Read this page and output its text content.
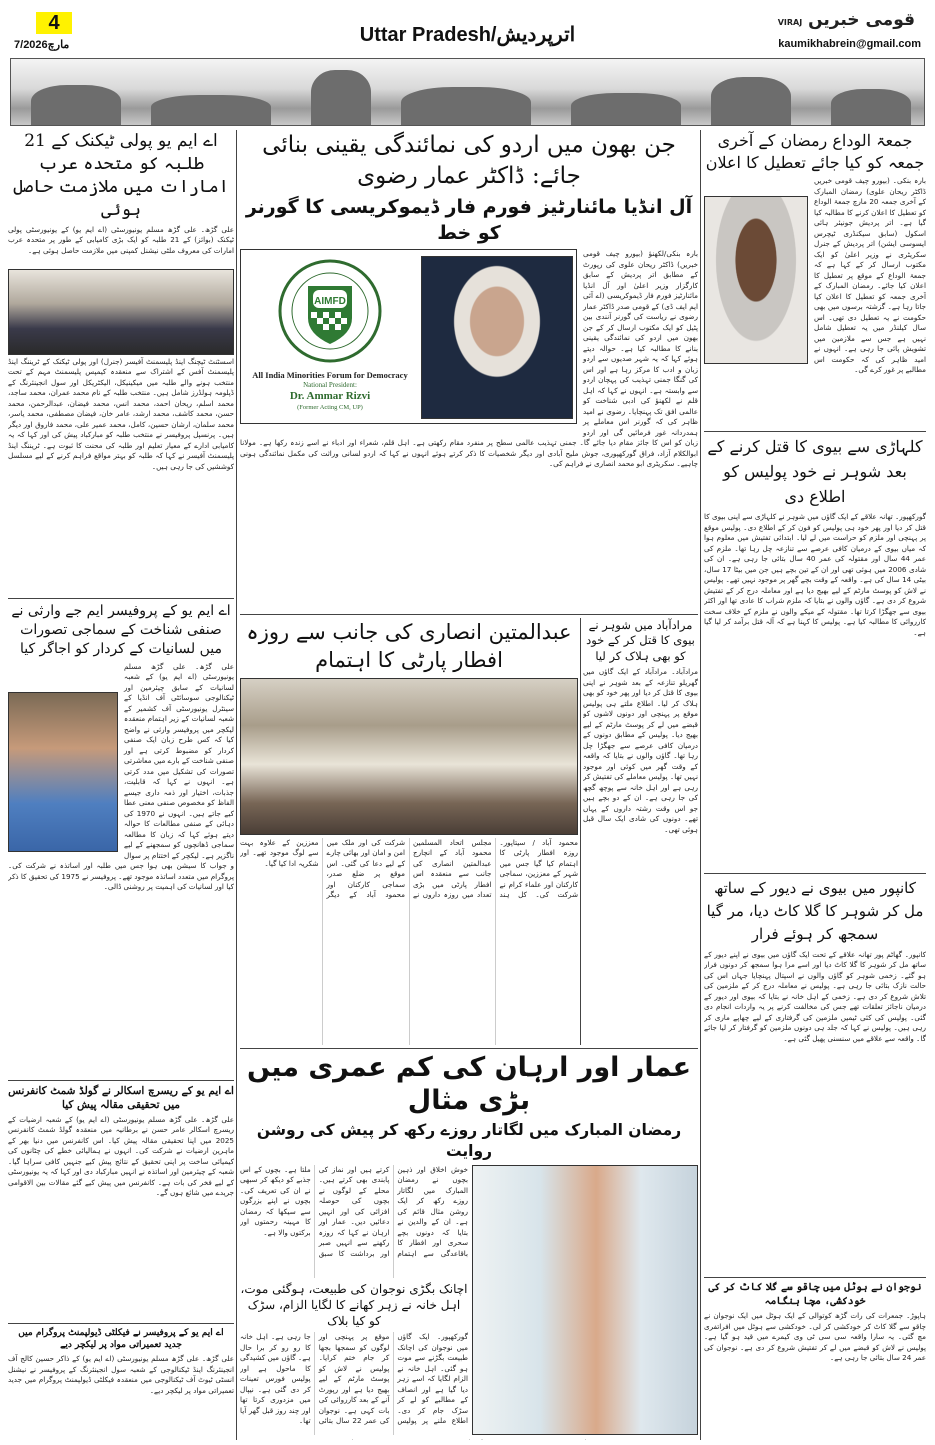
4
7/مارچ2026	Uttar Pradesh/اترپردیش
قومی خبریں VIRAJ
kaumikhabrein@gmail.com
اے ایم یو پولی ٹیکنک کے 21 طلبہ کو متحدہ عرب امارات میں ملازمت حاصل ہوئی
علی گڑھ۔ علی گڑھ مسلم یونیورسٹی (اے ایم یو) کے یونیورسٹی پولی ٹیکنک (بوائز) کے 21 طلبہ کو ایک بڑی کامیابی کے طور پر متحدہ عرب امارات کی معروف ملٹی نیشنل کمپنی میں ملازمت حاصل ہوئی ہے۔
اسسٹنٹ ٹیچنگ اینڈ پلیسمنٹ آفیسر (جنرل) اور پولی ٹیکنک کے ٹریننگ اینڈ پلیسمنٹ آفس کے اشتراک سے منعقدہ کیمپس پلیسمنٹ مہم کے تحت منتخب ہونے والے طلبہ میں میکینیکل، الیکٹریکل اور سول انجینئرنگ کے ڈپلومہ ہولڈرز شامل ہیں۔ منتخب طلبہ کے نام محمد عمران، محمد ساجد، محمد اسلم، ریحان احمد، محمد انس، محمد فیضان، عبدالرحمن، محمد حسن، محمد کاشف، محمد ارشد، عامر خان، فیضان مصطفی، محمد یاسر، محمد سلمان، ارشان حسین، کامل، محمد عمیر علی، محمد فاروق اور دیگر ہیں۔ پرنسپل پروفیسر نے منتخب طلبہ کو مبارکباد پیش کی اور کہا کہ یہ کامیابی ادارے کے معیار تعلیم اور طلبہ کی محنت کا ثبوت ہے۔ ٹریننگ اینڈ پلیسمنٹ آفیسر نے کہا کہ طلبہ کو بہتر مواقع فراہم کرنے کے لیے مسلسل کوششیں کی جا رہی ہیں۔
اے ایم یو کے پروفیسر ایم جے وارثی نے صنفی شناخت کے سماجی تصورات میں لسانیات کے کردار کو اجاگر کیا
علی گڑھ۔ علی گڑھ مسلم یونیورسٹی (اے ایم یو) کے شعبہ لسانیات کے سابق چیئرمین اور ٹیکنالوجی سوسائٹی آف انڈیا کے سینٹرل یونیورسٹی آف کشمیر کے شعبہ لسانیات کے زیر اہتمام منعقدہ لیکچر میں پروفیسر وارثی نے واضح کیا کہ کس طرح زبان ایک صنفی کردار کو مضبوط کرتی ہے اور صنفی شناخت کے بارے میں معاشرتی تصورات کی تشکیل میں مدد کرتی ہے۔ انہوں نے کہا کہ قابلیت، جذبات، اختیار اور ذمہ داری جیسے الفاظ کو مخصوص صنفی معنی عطا کیے جاتے ہیں۔ انہوں نے 1970 کی دہائی کے صنفی مطالعات کا حوالہ دیتے ہوئے کہا کہ زبان کا مطالعہ سماجی ڈھانچوں کو سمجھنے کے لیے ناگزیر ہے۔ لیکچر کے اختتام پر سوال و جواب کا سیشن بھی ہوا جس میں طلبہ اور اساتذہ نے شرکت کی۔ پروگرام میں متعدد اساتذہ موجود تھے۔ پروفیسر نے 1975 کی تحقیق کا ذکر کیا اور لسانیات کی اہمیت پر روشنی ڈالی۔
اے ایم یو کے ریسرچ اسکالر نے گولڈ شمٹ کانفرنس میں تحقیقی مقالہ پیش کیا
علی گڑھ۔ علی گڑھ مسلم یونیورسٹی (اے ایم یو) کے شعبہ ارضیات کے ریسرچ اسکالر عامر حسن نے برطانیہ میں منعقدہ گولڈ شمٹ کانفرنس 2025 میں اپنا تحقیقی مقالہ پیش کیا۔ اس کانفرنس میں دنیا بھر کے ماہرین ارضیات نے شرکت کی۔ انہوں نے ہمالیائی خطے کی چٹانوں کی کیمیائی ساخت پر اپنی تحقیق کے نتائج پیش کیے جنہیں کافی سراہا گیا۔ شعبہ کے چیئرمین اور اساتذہ نے انہیں مبارکباد دی اور کہا کہ یہ یونیورسٹی کے لیے فخر کی بات ہے۔ کانفرنس میں پیش کیے گئے مقالات بین الاقوامی جریدے میں شائع ہوں گے۔
اے ایم یو کے پروفیسر نے فیکلٹی ڈیولپمنٹ پروگرام میں جدید تعمیراتی مواد پر لیکچر دیے
علی گڑھ۔ علی گڑھ مسلم یونیورسٹی (اے ایم یو) کے ذاکر حسین کالج آف انجینئرنگ اینڈ ٹیکنالوجی کے شعبہ سول انجینئرنگ کے پروفیسر نے نیشنل انسٹی ٹیوٹ آف ٹیکنالوجی میں منعقدہ فیکلٹی ڈیولپمنٹ پروگرام میں جدید تعمیراتی مواد پر لیکچر دیے۔
جن بھون میں اردو کی نمائندگی یقینی بنائی جائے: ڈاکٹر عمار رضوی
آل انڈیا مائنارٹیز فورم فار ڈیموکریسی کا گورنر کو خط
AIMFD
All India Minorities Forum for Democracy
National President:
Dr. Ammar Rizvi
(Former Acting CM, UP)
بارہ بنکی/لکھنؤ (بیورو چیف قومی خبریں) ڈاکٹر ریحان علوی کی رپورٹ کے مطابق اتر پردیش کے سابق کارگزار وزیر اعلیٰ اور آل انڈیا مائنارٹیز فورم فار ڈیموکریسی (اے آئی ایم ایف ڈی) کے قومی صدر ڈاکٹر عمار رضوی نے ریاست کی گورنر آنندی بین پٹیل کو ایک مکتوب ارسال کر کے جن بھون میں اردو کی نمائندگی یقینی بنانے کا مطالبہ کیا ہے۔ حوالہ دیتے ہوئے کہا کہ یہ شہر صدیوں سے اردو زبان و ادب کا مرکز رہا ہے اور اس کی گنگا جمنی تہذیب کی پہچان اردو سے وابستہ ہے۔ انہوں نے کہا کہ اہل قلم نے لکھنؤ کی ادبی شناخت کو عالمی افق تک پہنچایا۔ رضوی نے امید ظاہر کی کہ گورنر اس معاملے پر ہمدردانہ غور فرمائیں گی اور اردو زبان کو اس کا جائز مقام دیا جائے گا۔ جمنی تہذیب عالمی سطح پر منفرد مقام رکھتی ہے۔ اہل قلم، شعراء اور ادباء نے اسے زندہ رکھا ہے۔ مولانا ابوالکلام آزاد، فراق گورکھپوری، جوش ملیح آبادی اور دیگر شخصیات کا ذکر کرتے ہوئے انہوں نے کہا کہ اردو لسانی وراثت کی مکمل نمائندگی ہونی چاہیے۔ سکریٹری ابو محمد انصاری نے فراہم کی۔
عبدالمتین انصاری کی جانب سے روزہ افطار پارٹی کا اہتمام
محمود آباد / سیتاپور۔ روزہ افطار پارٹی کا اہتمام کیا گیا جس میں شہر کے معززین، سماجی کارکنان اور علماء کرام نے شرکت کی۔ کل ہند مجلس اتحاد المسلمین محمود آباد کے انچارج عبدالمتین انصاری کی جانب سے منعقدہ اس افطار پارٹی میں بڑی تعداد میں روزہ داروں نے شرکت کی اور ملک میں امن و امان اور بھائی چارے کے لیے دعا کی گئی۔ اس موقع پر ضلع صدر، سماجی کارکنان اور محمود آباد کے دیگر معززین کے علاوہ بہت سے لوگ موجود تھے۔ اور شکریہ ادا کیا گیا۔
مرادآباد میں شوہر نے بیوی کا قتل کر کے خود کو بھی ہلاک کر لیا
مرادآباد۔ مرادآباد کے ایک گاؤں میں گھریلو تنازعہ کے بعد شوہر نے اپنی بیوی کا قتل کر دیا اور پھر خود کو بھی ہلاک کر لیا۔ اطلاع ملتے ہی پولیس موقع پر پہنچی اور دونوں لاشوں کو قبضے میں لے کر پوسٹ مارٹم کے لیے بھیج دیا۔ پولیس کے مطابق دونوں کے درمیان کافی عرصے سے جھگڑا چل رہا تھا۔ گاؤں والوں نے بتایا کہ واقعہ کے وقت گھر میں کوئی اور موجود نہیں تھا۔ پولیس معاملے کی تفتیش کر رہی ہے اور اہل خانہ سے پوچھ گچھ کی جا رہی ہے۔ ان کے دو بچے ہیں جو اس وقت رشتہ داروں کے یہاں تھے۔ دونوں کی شادی ایک سال قبل ہوئی تھی۔
عمار اور ارہان کی کم عمری میں بڑی مثال
رمضان المبارک میں لگاتار روزے رکھ کر پیش کی روشن روایت
خوش اخلاق اور ذہین بچوں نے رمضان المبارک میں لگاتار روزے رکھ کر ایک روشن مثال قائم کی ہے۔ ان کے والدین نے بتایا کہ دونوں بچے سحری اور افطار کا باقاعدگی سے اہتمام کرتے ہیں اور نماز کی پابندی بھی کرتے ہیں۔ محلے کے لوگوں نے بچوں کی حوصلہ افزائی کی اور انہیں دعائیں دیں۔ عمار اور ارہان نے کہا کہ روزہ رکھنے سے انہیں صبر اور برداشت کا سبق ملتا ہے۔ بچوں کے اس جذبے کو دیکھ کر سبھی نے ان کی تعریف کی۔ بچوں نے اپنے بزرگوں سے سیکھا کہ رمضان کا مہینہ رحمتوں اور برکتوں والا ہے۔
اچانک بگڑی نوجوان کی طبیعت، ہوگئی موت، اہل خانہ نے زہر کھانے کا لگایا الزام، سڑک کو کیا بلاک
گورکھپور۔ ایک گاؤں میں نوجوان کی اچانک طبیعت بگڑنے سے موت ہو گئی۔ اہل خانہ نے الزام لگایا کہ اسے زہر دیا گیا ہے اور انصاف کے مطالبے کو لے کر سڑک جام کر دی۔ اطلاع ملنے پر پولیس موقع پر پہنچی اور لوگوں کو سمجھا بجھا کر جام ختم کرایا۔ پولیس نے لاش کو پوسٹ مارٹم کے لیے بھیج دیا ہے اور رپورٹ آنے کے بعد کارروائی کی بات کہی ہے۔ نوجوان کی عمر 22 سال بتائی جا رہی ہے۔ اہل خانہ کا رو رو کر برا حال ہے۔ گاؤں میں کشیدگی کا ماحول ہے اور پولیس فورس تعینات کر دی گئی ہے۔ نیپال میں مزدوری کرتا تھا اور چند روز قبل گھر آیا تھا۔
جمعۃ الوداع رمضان کے آخری جمعہ کو کیا جائے تعطیل کا اعلان
بارہ بنکی۔ (بیورو چیف قومی خبریں ڈاکٹر ریحان علوی) رمضان المبارک کے آخری جمعہ 20 مارچ جمعۃ الوداع کو تعطیل کا اعلان کرنے کا مطالبہ کیا گیا ہے۔ اتر پردیش جونیئر ہائی اسکول (سابق سیکنڈری ٹیچرس ایسوسی ایشن) اتر پردیش کے جنرل سکریٹری نے وزیر اعلیٰ کو ایک مکتوب ارسال کر کے کہا ہے کہ جمعۃ الوداع کے موقع پر تعطیل کا اعلان کیا جائے۔ رمضان المبارک کے آخری جمعہ کو تعطیل کا اعلان کیا جاتا رہا ہے۔ گزشتہ برسوں میں بھی حکومت نے یہ تعطیل دی تھی۔ اس سال کیلنڈر میں یہ تعطیل شامل نہیں ہے جس سے ملازمین میں تشویش پائی جا رہی ہے۔ انہوں نے امید ظاہر کی کہ حکومت اس مطالبے پر غور کرے گی۔
کلہاڑی سے بیوی کا قتل کرنے کے بعد شوہر نے خود پولیس کو اطلاع دی
گورکھپور۔ تھانہ علاقے کے ایک گاؤں میں شوہر نے کلہاڑی سے اپنی بیوی کا قتل کر دیا اور پھر خود ہی پولیس کو فون کر کے اطلاع دی۔ پولیس موقع پر پہنچی اور ملزم کو حراست میں لے لیا۔ ابتدائی تفتیش میں معلوم ہوا کہ میاں بیوی کے درمیان کافی عرصے سے تنازعہ چل رہا تھا۔ ملزم کی عمر 44 سال اور مقتولہ کی عمر 40 سال بتائی جا رہی ہے۔ ان کی شادی 2006 میں ہوئی تھی اور ان کے تین بچے ہیں جن میں بیٹا 17 سال، بیٹی 14 سال کی ہے۔ واقعہ کے وقت بچے گھر پر موجود نہیں تھے۔ پولیس نے لاش کو پوسٹ مارٹم کے لیے بھیج دیا ہے اور معاملہ درج کر کے تفتیش شروع کر دی ہے۔ گاؤں والوں نے بتایا کہ ملزم شراب کا عادی تھا اور اکثر بیوی سے جھگڑا کرتا تھا۔ مقتولہ کے میکے والوں نے ملزم کے خلاف سخت کارروائی کا مطالبہ کیا ہے۔ پولیس کا کہنا ہے کہ آلہ قتل برآمد کر لیا گیا ہے۔
کانپور میں بیوی نے دیور کے ساتھ مل کر شوہر کا گلا کاٹ دیا، مر گیا سمجھ کر ہوئے فرار
کانپور۔ گھاٹم پور تھانہ علاقے کے تحت ایک گاؤں میں بیوی نے اپنے دیور کے ساتھ مل کر شوہر کا گلا کاٹ دیا اور اسے مرا ہوا سمجھ کر دونوں فرار ہو گئے۔ زخمی شوہر کو گاؤں والوں نے اسپتال پہنچایا جہاں اس کی حالت نازک بتائی جا رہی ہے۔ پولیس نے معاملہ درج کر کے ملزمین کی تلاش شروع کر دی ہے۔ زخمی کے اہل خانہ نے بتایا کہ بیوی اور دیور کے درمیان ناجائز تعلقات تھے جس کی مخالفت کرنے پر یہ واردات انجام دی گئی۔ پولیس کی کئی ٹیمیں ملزمین کی گرفتاری کے لیے چھاپے ماری کر رہی ہیں۔ پولیس نے کہا کہ جلد ہی دونوں ملزمین کو گرفتار کر لیا جائے گا۔ واقعہ سے علاقے میں سنسنی پھیل گئی ہے۔
نوجوان نے ہوٹل میں چاقو سے گلا کاٹ کر کی خودکشی، مچا ہنگامہ
ہاپوڑ۔ جمعرات کی رات گڑھ کوتوالی کے ایک ہوٹل میں ایک نوجوان نے چاقو سے گلا کاٹ کر خودکشی کر لی۔ خودکشی سے ہوٹل میں افراتفری مچ گئی۔ یہ سارا واقعہ سی سی ٹی وی کیمرے میں قید ہو گیا ہے۔ پولیس نے لاش کو قبضے میں لے کر تفتیش شروع کر دی ہے۔ نوجوان کی عمر 24 سال بتائی جا رہی ہے۔
